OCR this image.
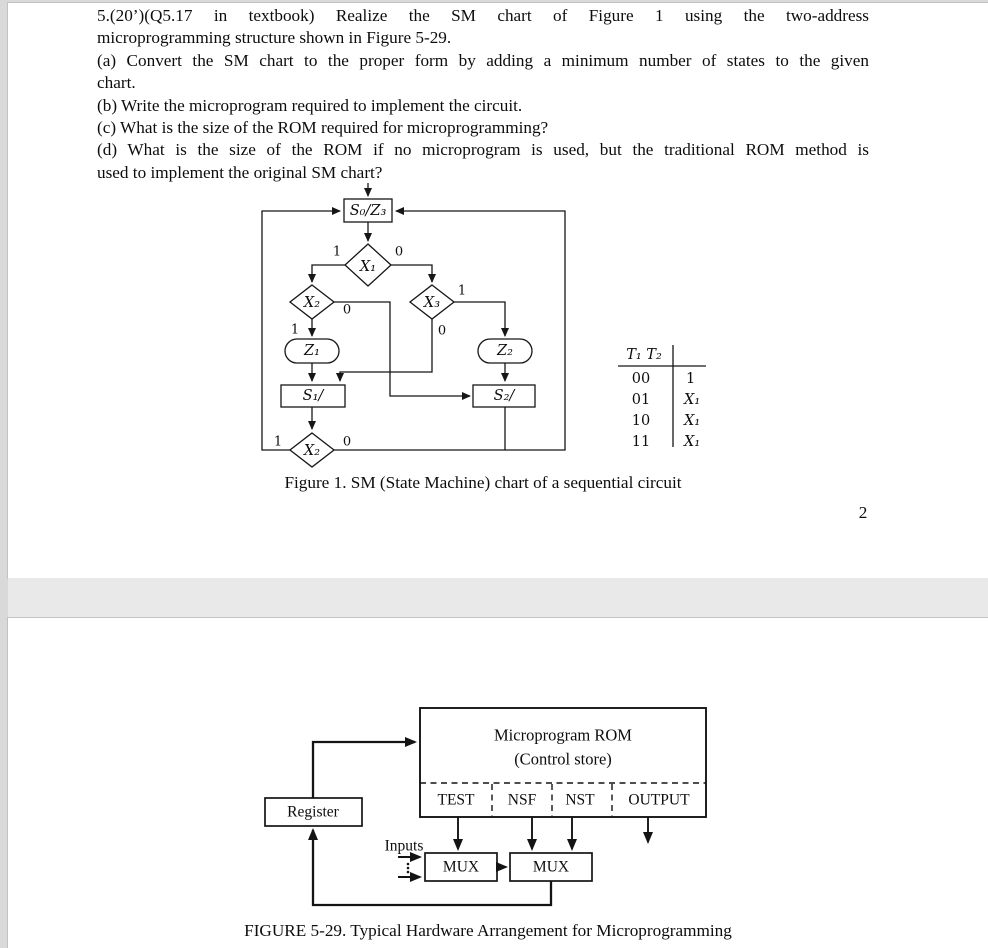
5.(20’)(Q5.17 in textbook) Realize the SM chart of Figure 1 using the two-address
microprogramming structure shown in Figure 5-29.
(a) Convert the SM chart to the proper form by adding a minimum number of states to the given
chart.
(b) Write the microprogram required to implement the circuit.
(c) What is the size of the ROM required for microprogramming?
(d) What is the size of the ROM if no microprogram is used, but the traditional ROM method is
used to implement the original SM chart?
S₀/Z₃
X₁
X₂	X₃
Z₁	Z₂
S₁/	S₂/
X₂
1	0
0
1
1
0
1	0
T₁ T₂
00 1
01 X₁
10 X₁
11 X₁
Figure 1. SM (State Machine) chart of a sequential circuit
2
Microprogram ROM
(Control store)
TEST NSF NST OUTPUT
Register
MUX	MUX
Inputs
FIGURE 5-29. Typical Hardware Arrangement for Microprogramming
